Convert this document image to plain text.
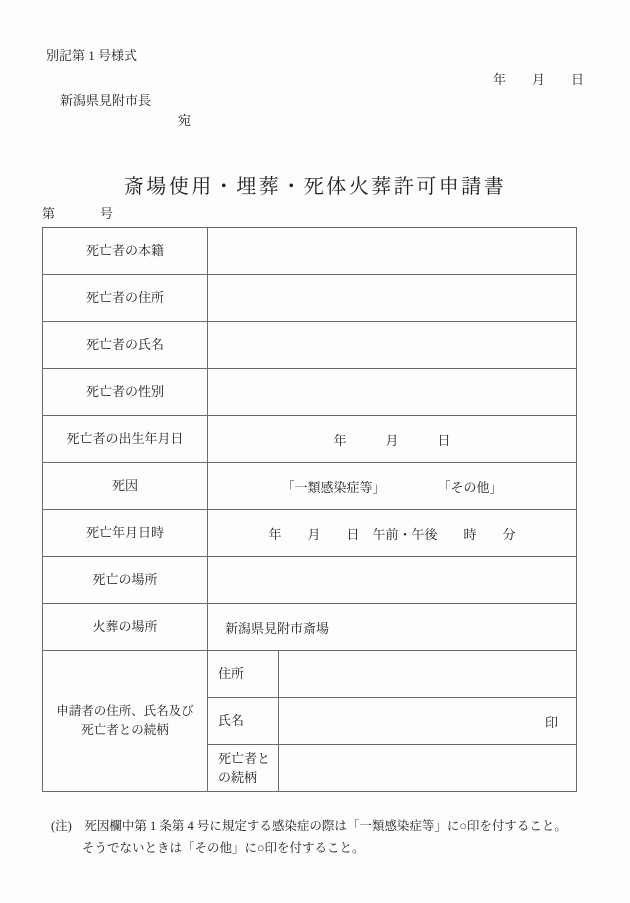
別記第 1 号様式
年　　月　　日
新潟県見附市長
宛
斎場使用・埋葬・死体火葬許可申請書
第	号
死亡者の本籍		
死亡者の住所		
死亡者の氏名		
死亡者の性別		
死亡者の出生年月日	年　　　月　　　日	
死因	「一類感染症等」　　　　　「その他」	
死亡年月日時	年　　月　　日　午前・午後　　時　　分	
死亡の場所		
火葬の場所	新潟県見附市斎場	

申請者の住所、氏名及び
死亡者との続柄	住所	
	氏名	印

	死亡者と
の続柄	

(注)　死因欄中第 1 条第 4 号に規定する感染症の際は「一類感染症等」に○印を付すること。
そうでないときは「その他」に○印を付すること。
